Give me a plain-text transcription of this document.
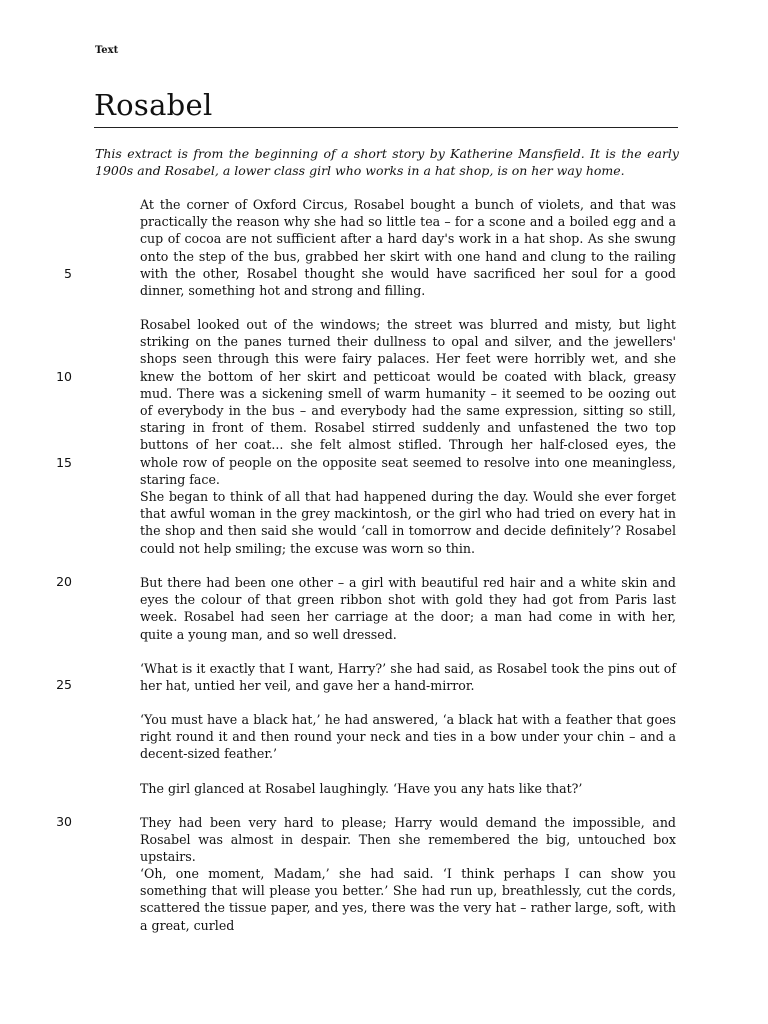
Text
Rosabel

This extract is from the beginning of a short story by Katherine Mansfield. It is the early 1900s and Rosabel, a lower class girl who works in a hat shop, is on her way home.

At the corner of Oxford Circus, Rosabel bought a bunch of violets, and that was practically the reason why she had so little tea – for a scone and a boiled egg and a cup of cocoa are not sufficient after a hard day's work in a hat shop. As she swung onto the step of the bus, grabbed her skirt with one hand and clung to the railing with the other, Rosabel thought she would have sacrificed her soul for a good dinner, something hot and strong and filling.

Rosabel looked out of the windows; the street was blurred and misty, but light striking on the panes turned their dullness to opal and silver, and the jewellers' shops seen through this were fairy palaces. Her feet were horribly wet, and she knew the bottom of her skirt and petticoat would be coated with black, greasy mud. There was a sickening smell of warm humanity – it seemed to be oozing out of everybody in the bus – and everybody had the same expression, sitting so still, staring in front of them. Rosabel stirred suddenly and unfastened the two top buttons of her coat... she felt almost stifled. Through her half-closed eyes, the whole row of people on the opposite seat seemed to resolve into one meaningless, staring face.

She began to think of all that had happened during the day. Would she ever forget that awful woman in the grey mackintosh, or the girl who had tried on every hat in the shop and then said she would ‘call in tomorrow and decide definitely’? Rosabel could not help smiling; the excuse was worn so thin.

But there had been one other – a girl with beautiful red hair and a white skin and eyes the colour of that green ribbon shot with gold they had got from Paris last week. Rosabel had seen her carriage at the door; a man had come in with her, quite a young man, and so well dressed.

‘What is it exactly that I want, Harry?’ she had said, as Rosabel took the pins out of her hat, untied her veil, and gave her a hand-mirror.

‘You must have a black hat,’ he had answered, ‘a black hat with a feather that goes right round it and then round your neck and ties in a bow under your chin – and a decent-sized feather.’

The girl glanced at Rosabel laughingly. ‘Have you any hats like that?’

They had been very hard to please; Harry would demand the impossible, and Rosabel was almost in despair. Then she remembered the big, untouched box upstairs.

‘Oh, one moment, Madam,’ she had said. ‘I think perhaps I can show you something that will please you better.’ She had run up, breathlessly, cut the cords, scattered the tissue paper, and yes, there was the very hat – rather large, soft, with a great, curled

5
10
15
20
25
30
